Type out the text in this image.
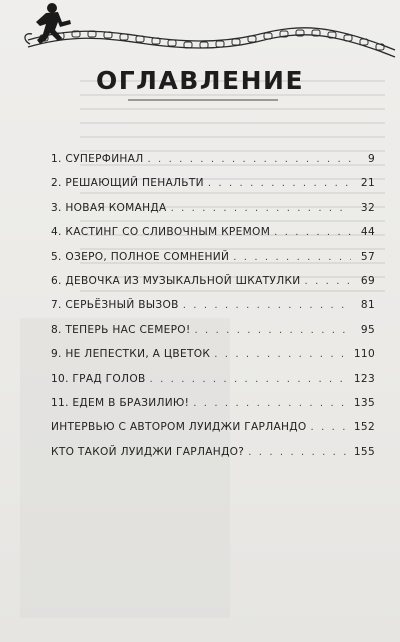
ОГЛАВЛЕНИЕ
1. СУПЕРФИНАЛ . . .	9
2. РЕШАЮЩИЙ ПЕНАЛЬТИ . . .	21
3. НОВАЯ КОМАНДА . . .	32
4. КАСТИНГ СО СЛИВОЧНЫМ КРЕМОМ . . .	44
5. ОЗЕРО, ПОЛНОЕ СОМНЕНИЙ . . .	57
6. ДЕВОЧКА ИЗ МУЗЫКАЛЬНОЙ ШКАТУЛКИ . . .	69
7. СЕРЬЁЗНЫЙ ВЫЗОВ . . .	81
8. ТЕПЕРЬ НАС СЕМЕРО! . . .	95
9. НЕ ЛЕПЕСТКИ, А ЦВЕТОК . . .	110
10. ГРАД ГОЛОВ . . .	123
11. ЕДЕМ В БРАЗИЛИЮ! . . .	135
ИНТЕРВЬЮ С АВТОРОМ ЛУИДЖИ ГАРЛАНДО . . .	152
КТО ТАКОЙ ЛУИДЖИ ГАРЛАНДО? . . .	155
